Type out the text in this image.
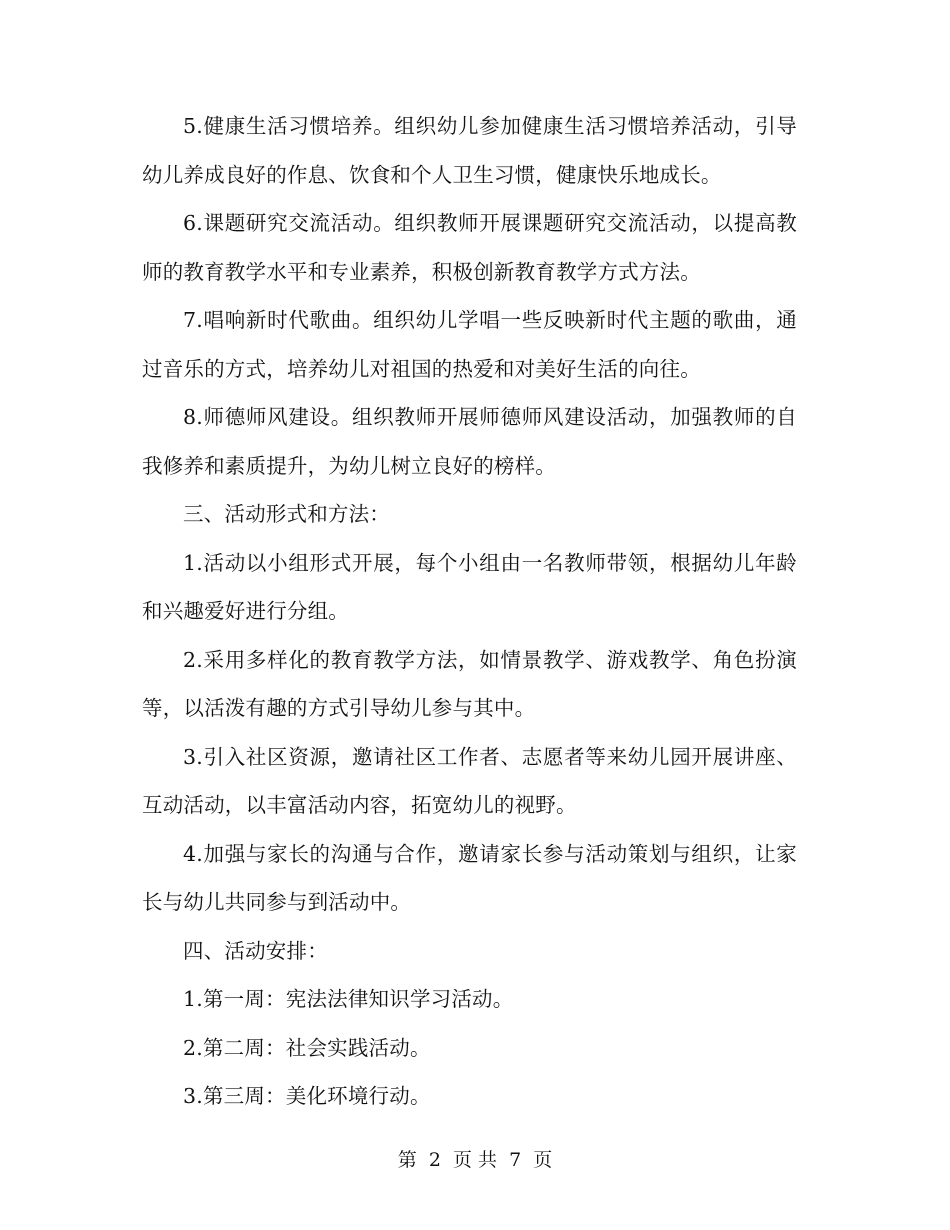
5.健康生活习惯培养。组织幼儿参加健康生活习惯培养活动，引导幼儿养成良好的作息、饮食和个人卫生习惯，健康快乐地成长。

6.课题研究交流活动。组织教师开展课题研究交流活动，以提高教师的教育教学水平和专业素养，积极创新教育教学方式方法。

7.唱响新时代歌曲。组织幼儿学唱一些反映新时代主题的歌曲，通过音乐的方式，培养幼儿对祖国的热爱和对美好生活的向往。

8.师德师风建设。组织教师开展师德师风建设活动，加强教师的自我修养和素质提升，为幼儿树立良好的榜样。

三、活动形式和方法：

1.活动以小组形式开展，每个小组由一名教师带领，根据幼儿年龄和兴趣爱好进行分组。

2.采用多样化的教育教学方法，如情景教学、游戏教学、角色扮演等，以活泼有趣的方式引导幼儿参与其中。

3.引入社区资源，邀请社区工作者、志愿者等来幼儿园开展讲座、互动活动，以丰富活动内容，拓宽幼儿的视野。

4.加强与家长的沟通与合作，邀请家长参与活动策划与组织，让家长与幼儿共同参与到活动中。

四、活动安排：

1.第一周：宪法法律知识学习活动。

2.第二周：社会实践活动。

3.第三周：美化环境行动。

第 2 页 共 7 页
